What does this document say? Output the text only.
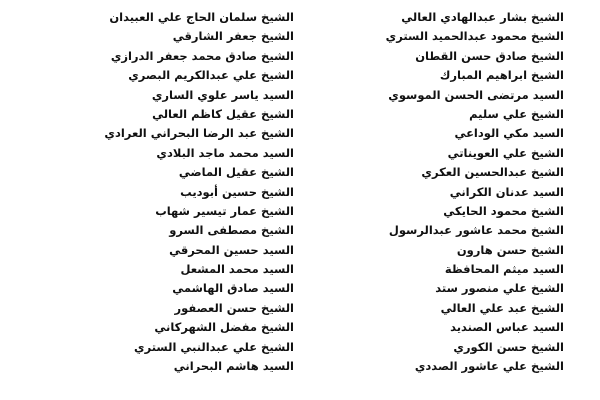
الشيخ بشار عبدالهادي العالي
الشيخ محمود عبدالحميد الستري
الشيخ صادق حسن القطان
الشيخ ابراهيم المبارك
السيد مرتضى الحسن الموسوي
الشيخ علي سليم
السيد مكي الوداعي
الشيخ علي العويناتي
الشيخ عبدالحسين العكري
السيد عدنان الكراني
الشيخ محمود الحايكي
الشيخ محمد عاشور عبدالرسول
الشيخ حسن هارون
السيد ميثم المحافظة
الشيخ علي منصور ستد
الشيخ عبد علي العالي
السيد عباس الصنديد
الشيخ حسن الكوري
الشيخ علي عاشور الصددي
الشيخ سلمان الحاج علي العبيدان
الشيخ جعفر الشارقي
الشيخ صادق محمد جعفر الدرازي
الشيخ علي عبدالكريم البصري
السيد ياسر علوي الساري
الشيخ عقيل كاظم العالي
الشيخ عبد الرضا البحراني العرادي
السيد محمد ماجد البلادي
الشيخ عقيل الماضي
الشيخ حسين أبوديب
الشيخ عمار تيسير شهاب
الشيخ مصطفى السرو
السيد حسين المحرقي
السيد محمد المشعل
السيد صادق الهاشمي
الشيخ حسن العصفور
الشيخ مفضل الشهركاني
الشيخ علي عبدالنبي الستري
السيد هاشم البحراني
